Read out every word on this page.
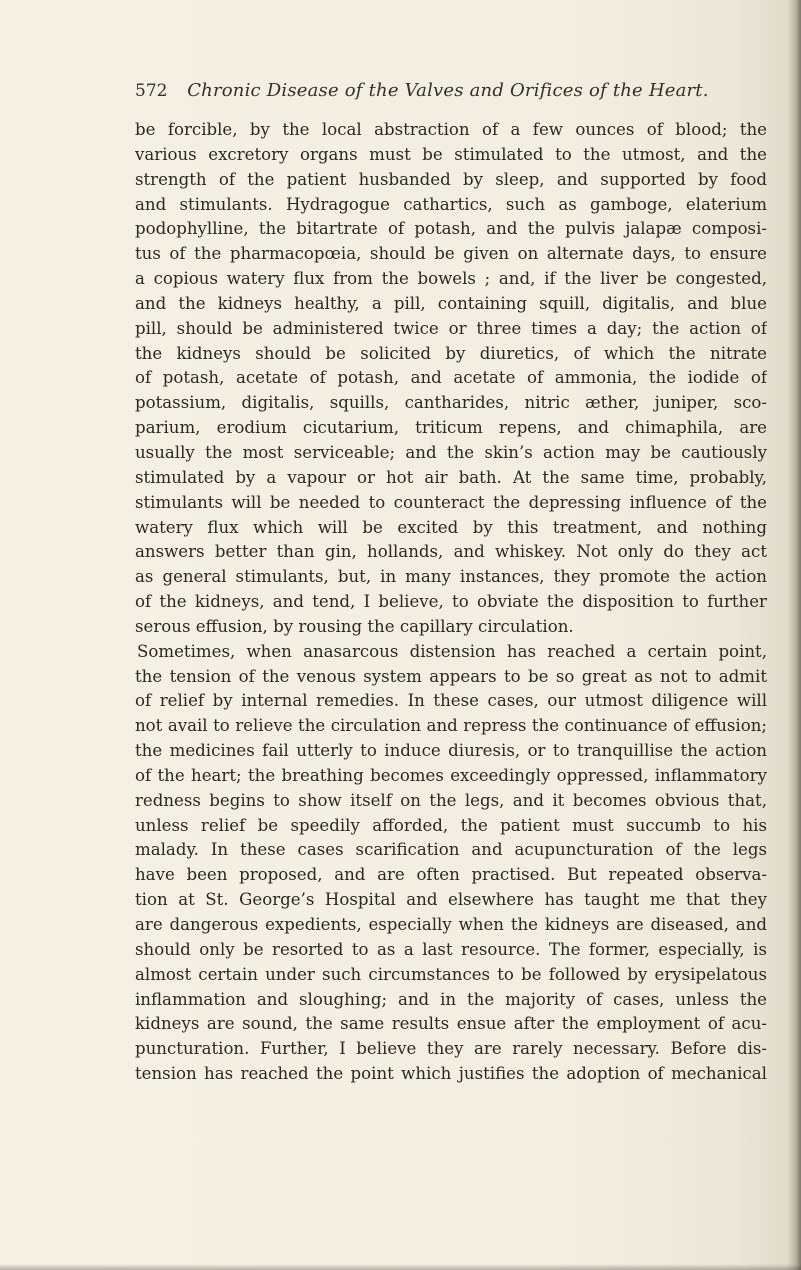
572 Chronic Disease of the Valves and Orifices of the Heart.
be forcible, by the local abstraction of a few ounces of blood; the
various excretory organs must be stimulated to the utmost, and the
strength of the patient husbanded by sleep, and supported by food
and stimulants. Hydragogue cathartics, such as gamboge, elaterium
podophylline, the bitartrate of potash, and the pulvis jalapæ composi-
tus of the pharmacopœia, should be given on alternate days, to ensure
a copious watery flux from the bowels ; and, if the liver be congested,
and the kidneys healthy, a pill, containing squill, digitalis, and blue
pill, should be administered twice or three times a day; the action of
the kidneys should be solicited by diuretics, of which the nitrate
of potash, acetate of potash, and acetate of ammonia, the iodide of
potassium, digitalis, squills, cantharides, nitric æther, juniper, sco-
parium, erodium cicutarium, triticum repens, and chimaphila, are
usually the most serviceable; and the skin’s action may be cautiously
stimulated by a vapour or hot air bath. At the same time, probably,
stimulants will be needed to counteract the depressing influence of the
watery flux which will be excited by this treatment, and nothing
answers better than gin, hollands, and whiskey. Not only do they act
as general stimulants, but, in many instances, they promote the action
of the kidneys, and tend, I believe, to obviate the disposition to further
serous effusion, by rousing the capillary circulation.
Sometimes, when anasarcous distension has reached a certain point,
the tension of the venous system appears to be so great as not to admit
of relief by internal remedies. In these cases, our utmost diligence will
not avail to relieve the circulation and repress the continuance of effusion;
the medicines fail utterly to induce diuresis, or to tranquillise the action
of the heart; the breathing becomes exceedingly oppressed, inflammatory
redness begins to show itself on the legs, and it becomes obvious that,
unless relief be speedily afforded, the patient must succumb to his
malady. In these cases scarification and acupuncturation of the legs
have been proposed, and are often practised. But repeated observa-
tion at St. George’s Hospital and elsewhere has taught me that they
are dangerous expedients, especially when the kidneys are diseased, and
should only be resorted to as a last resource. The former, especially, is
almost certain under such circumstances to be followed by erysipelatous
inflammation and sloughing; and in the majority of cases, unless the
kidneys are sound, the same results ensue after the employment of acu-
puncturation. Further, I believe they are rarely necessary. Before dis-
tension has reached the point which justifies the adoption of mechanical
